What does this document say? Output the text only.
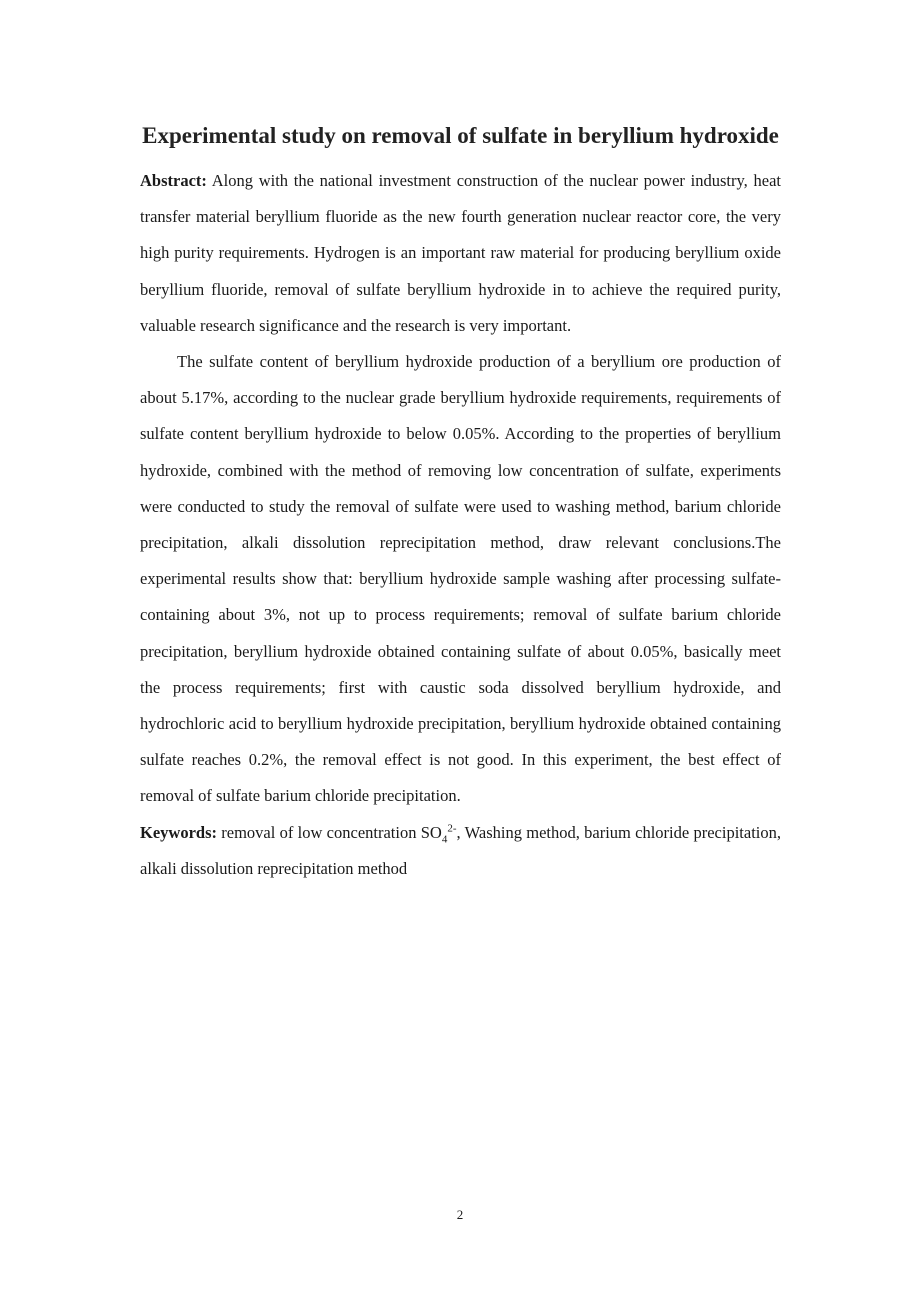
Experimental study on removal of sulfate in beryllium hydroxide

Abstract: Along with the national investment construction of the nuclear power industry, heat transfer material beryllium fluoride as the new fourth generation nuclear reactor core, the very high purity requirements. Hydrogen is an important raw material for producing beryllium oxide beryllium fluoride, removal of sulfate beryllium hydroxide in to achieve the required purity, valuable research significance and the research is very important.

The sulfate content of beryllium hydroxide production of a beryllium ore production of about 5.17%, according to the nuclear grade beryllium hydroxide requirements, requirements of sulfate content beryllium hydroxide to below 0.05%. According to the properties of beryllium hydroxide, combined with the method of removing low concentration of sulfate, experiments were conducted to study the removal of sulfate were used to washing method, barium chloride precipitation, alkali dissolution reprecipitation method, draw relevant conclusions.The experimental results show that: beryllium hydroxide sample washing after processing sulfate-containing about 3%, not up to process requirements; removal of sulfate barium chloride precipitation, beryllium hydroxide obtained containing sulfate of about 0.05%, basically meet the process requirements; first with caustic soda dissolved beryllium hydroxide, and hydrochloric acid to beryllium hydroxide precipitation, beryllium hydroxide obtained containing sulfate reaches 0.2%, the removal effect is not good. In this experiment, the best effect of removal of sulfate barium chloride precipitation.

Keywords: removal of low concentration $SO_4^{2-}$, Washing method, barium chloride precipitation, alkali dissolution reprecipitation method

2
